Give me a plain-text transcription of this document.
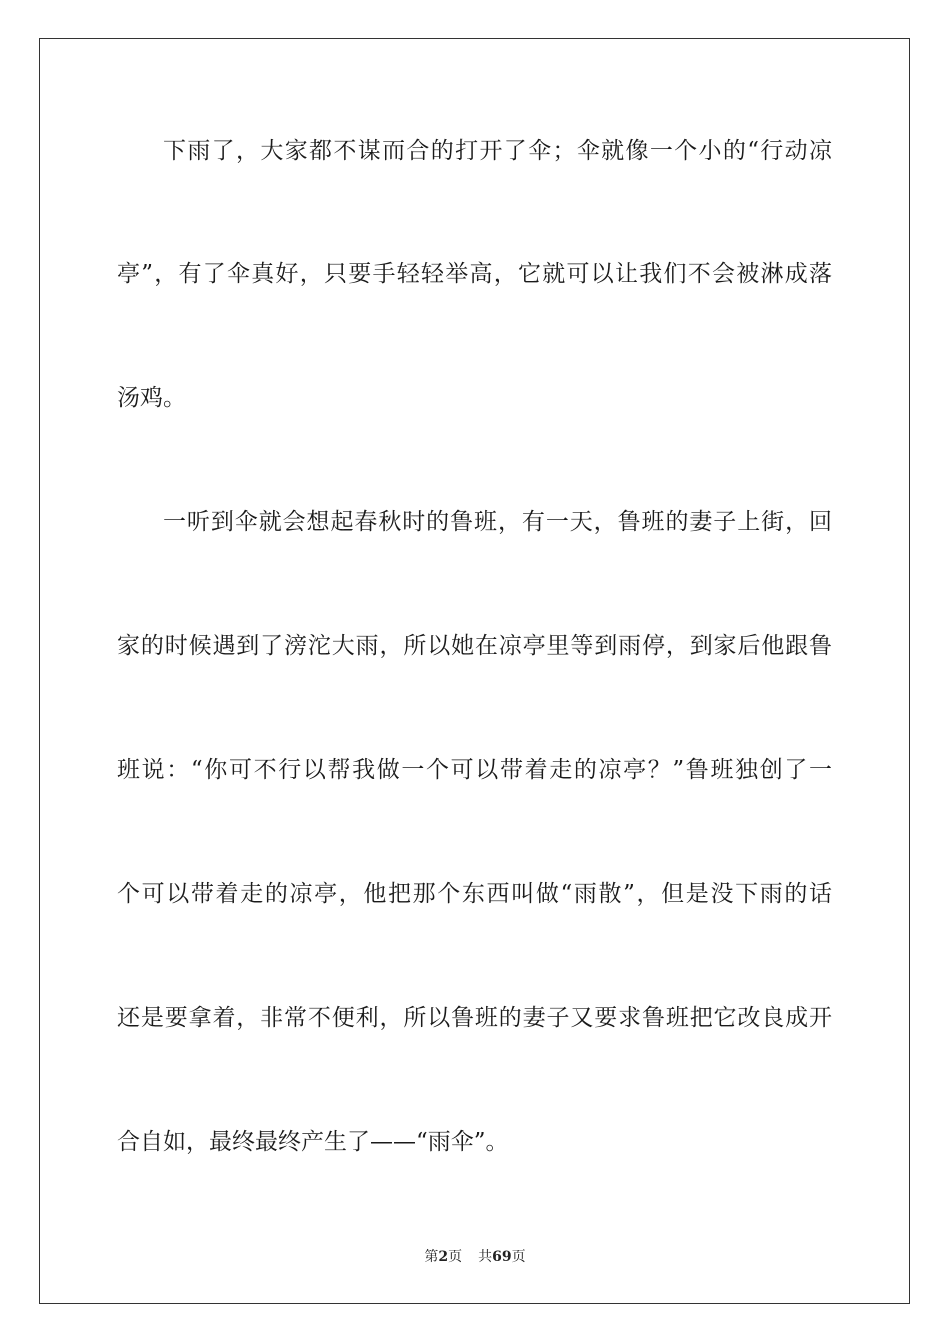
下雨了，大家都不谋而合的打开了伞；伞就像一个小的“行动凉
亭”，有了伞真好，只要手轻轻举高，它就可以让我们不会被淋成落
汤鸡。
一听到伞就会想起春秋时的鲁班，有一天，鲁班的妻子上街，回
家的时候遇到了滂沱大雨，所以她在凉亭里等到雨停，到家后他跟鲁
班说：“你可不行以帮我做一个可以带着走的凉亭？”鲁班独创了一
个可以带着走的凉亭，他把那个东西叫做“雨散”，但是没下雨的话
还是要拿着，非常不便利，所以鲁班的妻子又要求鲁班把它改良成开
合自如，最终最终产生了——“雨伞”。
第2页 共69页
